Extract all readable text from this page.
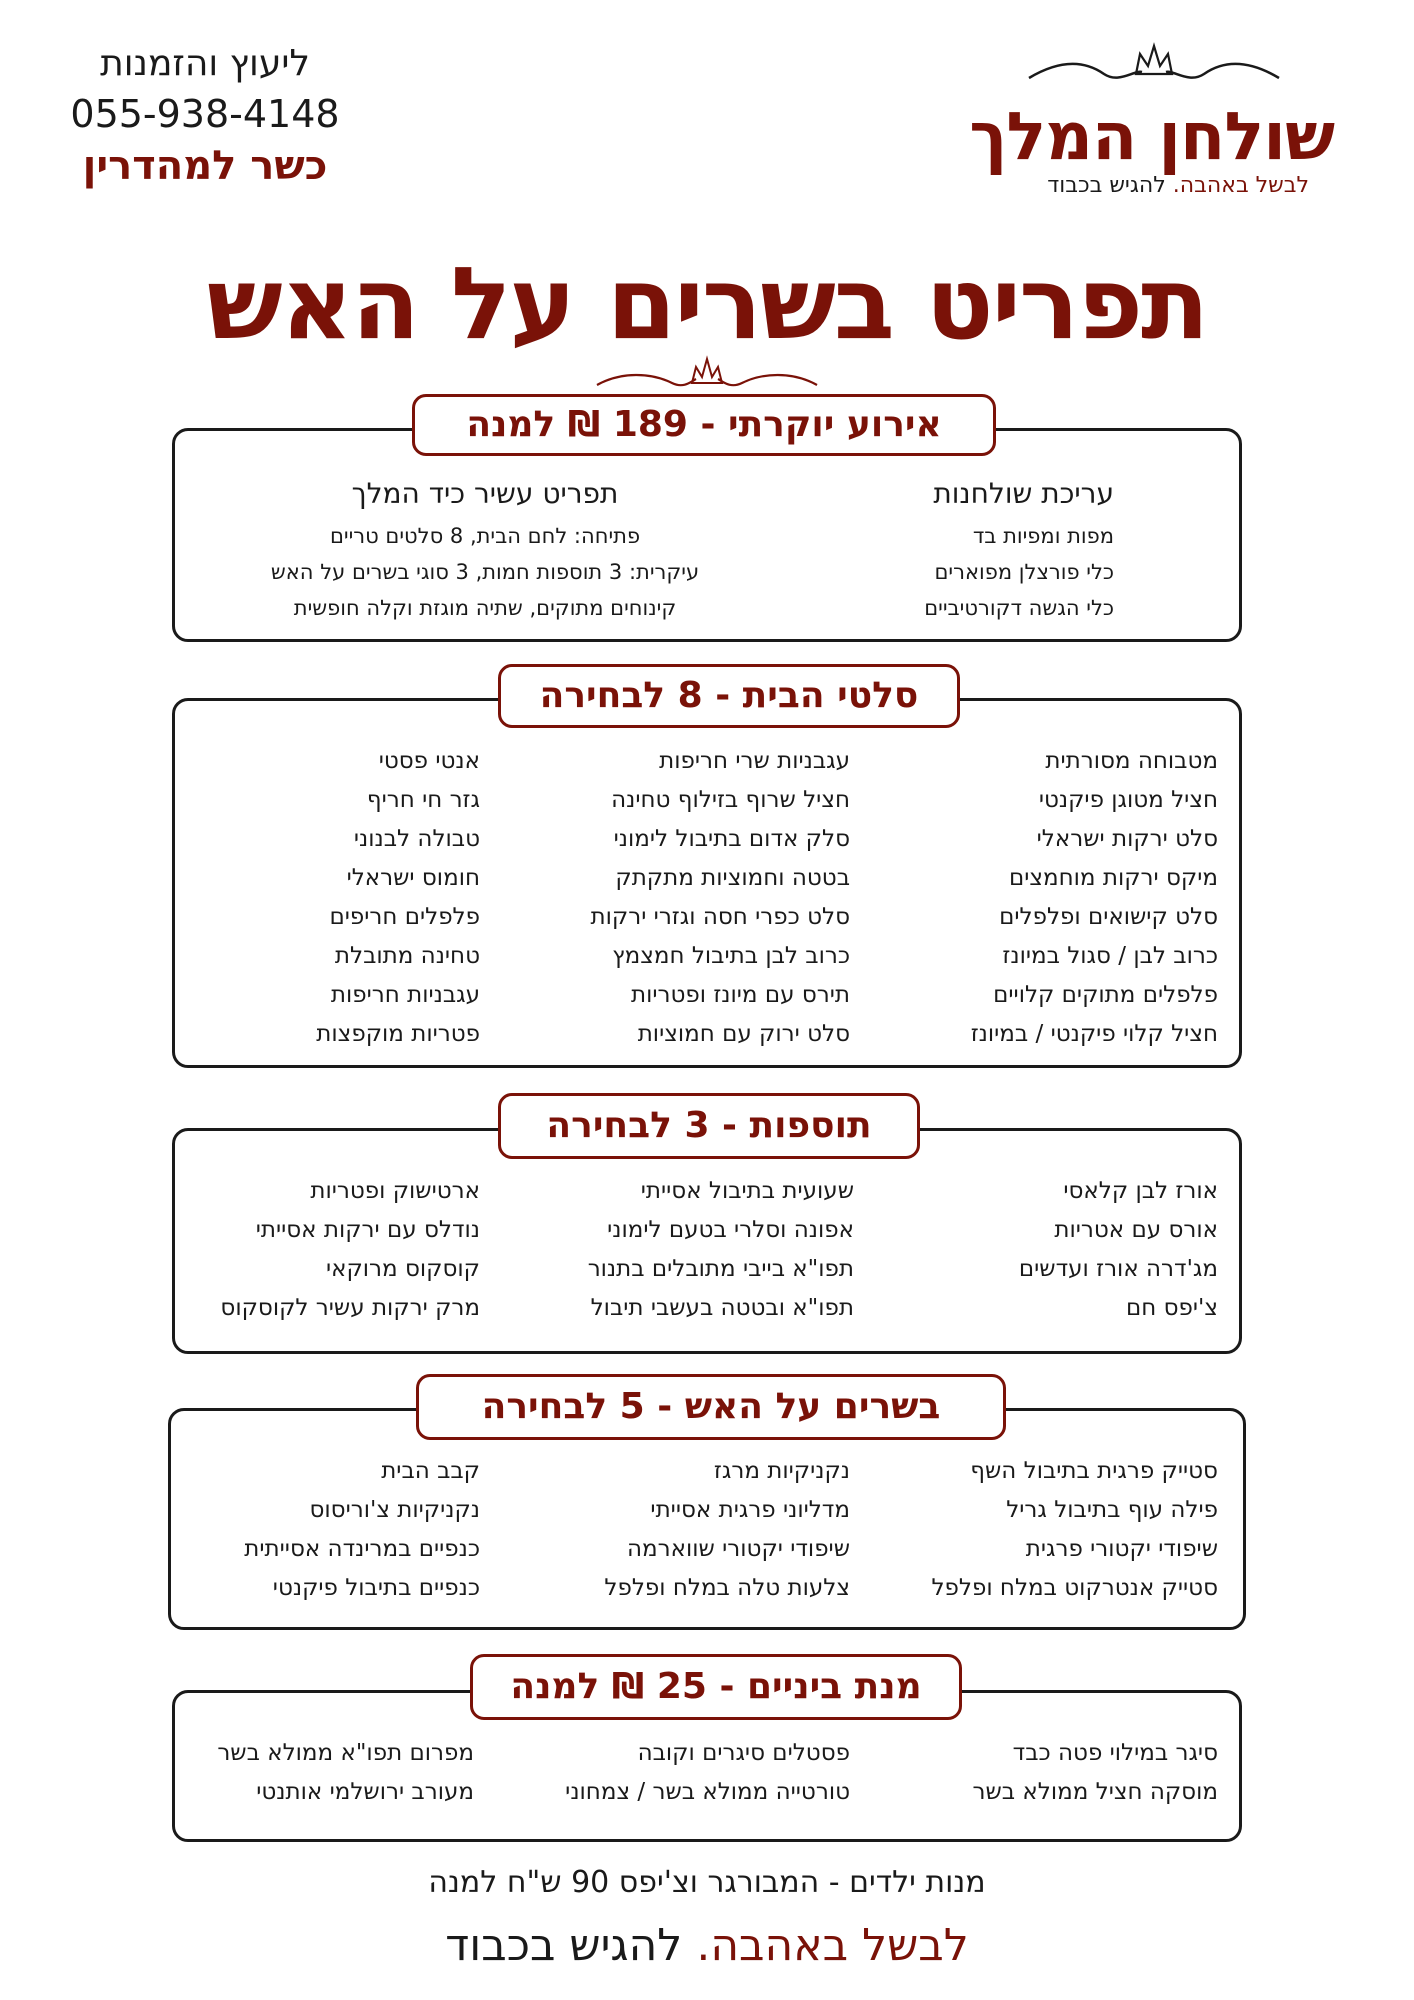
שולחן המלך
לבשל באהבה. להגיש בכבוד
ליעוץ והזמנות
055-938-4148
כשר למהדרין
תפריט בשרים על האש
אירוע יוקרתי - 189 ₪ למנה
עריכת שולחנות
מפות ומפיות בד
כלי פורצלן מפוארים
כלי הגשה דקורטיביים
תפריט עשיר כיד המלך
פתיחה: לחם הבית, 8 סלטים טריים
עיקרית: 3 תוספות חמות, 3 סוגי בשרים על האש
קינוחים מתוקים, שתיה מוגזת וקלה חופשית
סלטי הבית - 8 לבחירה
מטבוחה מסורתית
חציל מטוגן פיקנטי
סלט ירקות ישראלי
מיקס ירקות מוחמצים
סלט קישואים ופלפלים
כרוב לבן / סגול במיונז
פלפלים מתוקים קלויים
חציל קלוי פיקנטי / במיונז
עגבניות שרי חריפות
חציל שרוף בזילוף טחינה
סלק אדום בתיבול לימוני
בטטה וחמוציות מתקתק
סלט כפרי חסה וגזרי ירקות
כרוב לבן בתיבול חמצמץ
תירס עם מיונז ופטריות
סלט ירוק עם חמוציות
אנטי פסטי
גזר חי חריף
טבולה לבנוני
חומוס ישראלי
פלפלים חריפים
טחינה מתובלת
עגבניות חריפות
פטריות מוקפצות
תוספות - 3 לבחירה
אורז לבן קלאסי
אורס עם אטריות
מג'דרה אורז ועדשים
צ'יפס חם
שעועית בתיבול אסייתי
אפונה וסלרי בטעם לימוני
תפו"א בייבי מתובלים בתנור
תפו"א ובטטה בעשבי תיבול
ארטישוק ופטריות
נודלס עם ירקות אסייתי
קוסקוס מרוקאי
מרק ירקות עשיר לקוסקוס
בשרים על האש - 5 לבחירה
סטייק פרגית בתיבול השף
פילה עוף בתיבול גריל
שיפודי יקטורי פרגית
סטייק אנטרקוט במלח ופלפל
נקניקיות מרגז
מדליוני פרגית אסייתי
שיפודי יקטורי שווארמה
צלעות טלה במלח ופלפל
קבב הבית
נקניקיות צ'וריסוס
כנפיים במרינדה אסייתית
כנפיים בתיבול פיקנטי
מנת ביניים - 25 ₪ למנה
סיגר במילוי פטה כבד
מוסקה חציל ממולא בשר
פסטלים סיגרים וקובה
טורטייה ממולא בשר / צמחוני
מפרום תפו"א ממולא בשר
מעורב ירושלמי אותנטי
מנות ילדים - המבורגר וצ'יפס 90 ש"ח למנה
לבשל באהבה. להגיש בכבוד
